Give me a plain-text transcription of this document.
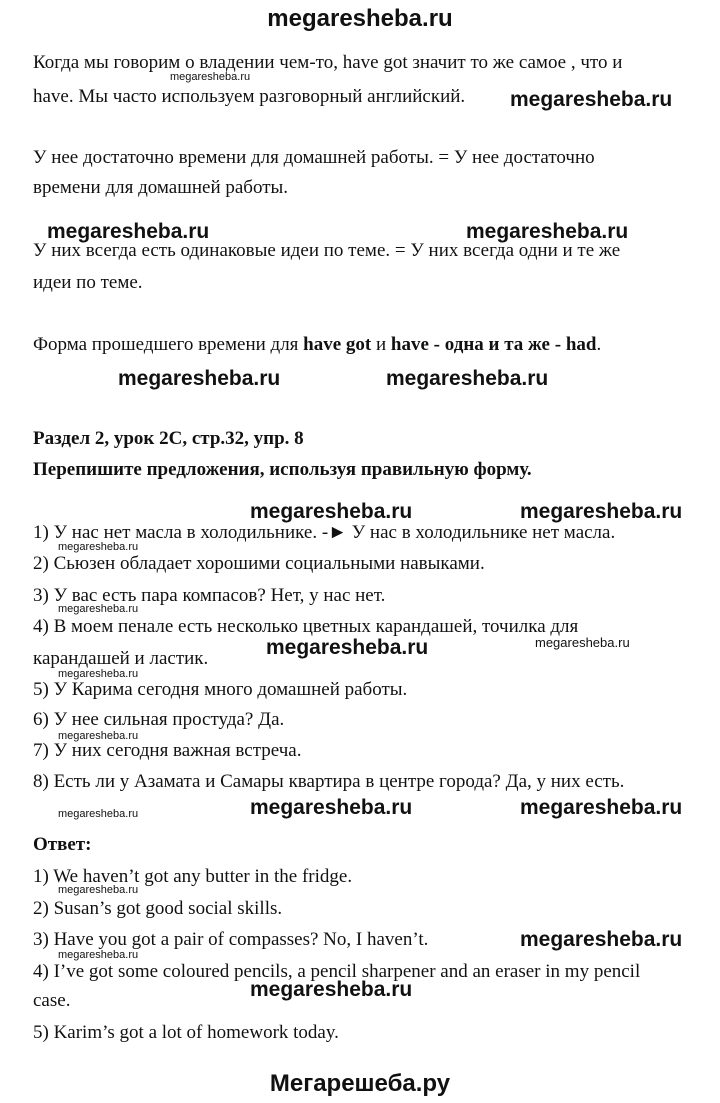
megaresheba.ru
Когда мы говорим о владении чем-то, have got значит то же самое , что и
have. Мы часто используем разговорный английский.
У нее достаточно времени для домашней работы. = У нее достаточно
времени для домашней работы.
У них всегда есть одинаковые идеи по теме. = У них всегда одни и те же
идеи по теме.
Форма прошедшего времени для have got и have - одна и та же - had.
Раздел 2, урок 2C, стр.32, упр. 8
Перепишите предложения, используя правильную форму.
1) У нас нет масла в холодильнике. -► У нас в холодильнике нет масла.
2) Сьюзен обладает хорошими социальными навыками.
3) У вас есть пара компасов? Нет, у нас нет.
4) В моем пенале есть несколько цветных карандашей, точилка для
карандашей и ластик.
5) У Карима сегодня много домашней работы.
6) У нее сильная простуда? Да.
7) У них сегодня важная встреча.
8) Есть ли у Азамата и Самары квартира в центре города? Да, у них есть.
Ответ:
1) We haven’t got any butter in the fridge.
2) Susan’s got good social skills.
3) Have you got a pair of compasses? No, I haven’t.
4) I’ve got some coloured pencils, a pencil sharpener and an eraser in my pencil
case.
5) Karim’s got a lot of homework today.
megaresheba.ru
megaresheba.ru
megaresheba.ru	megaresheba.ru
megaresheba.ru	megaresheba.ru
megaresheba.ru	megaresheba.ru
megaresheba.ru
megaresheba.ru
megaresheba.ru	megaresheba.ru
megaresheba.ru
megaresheba.ru
megaresheba.ru	megaresheba.ru	megaresheba.ru
megaresheba.ru
megaresheba.ru
megaresheba.ru
megaresheba.ru
Мегарешеба.ру
